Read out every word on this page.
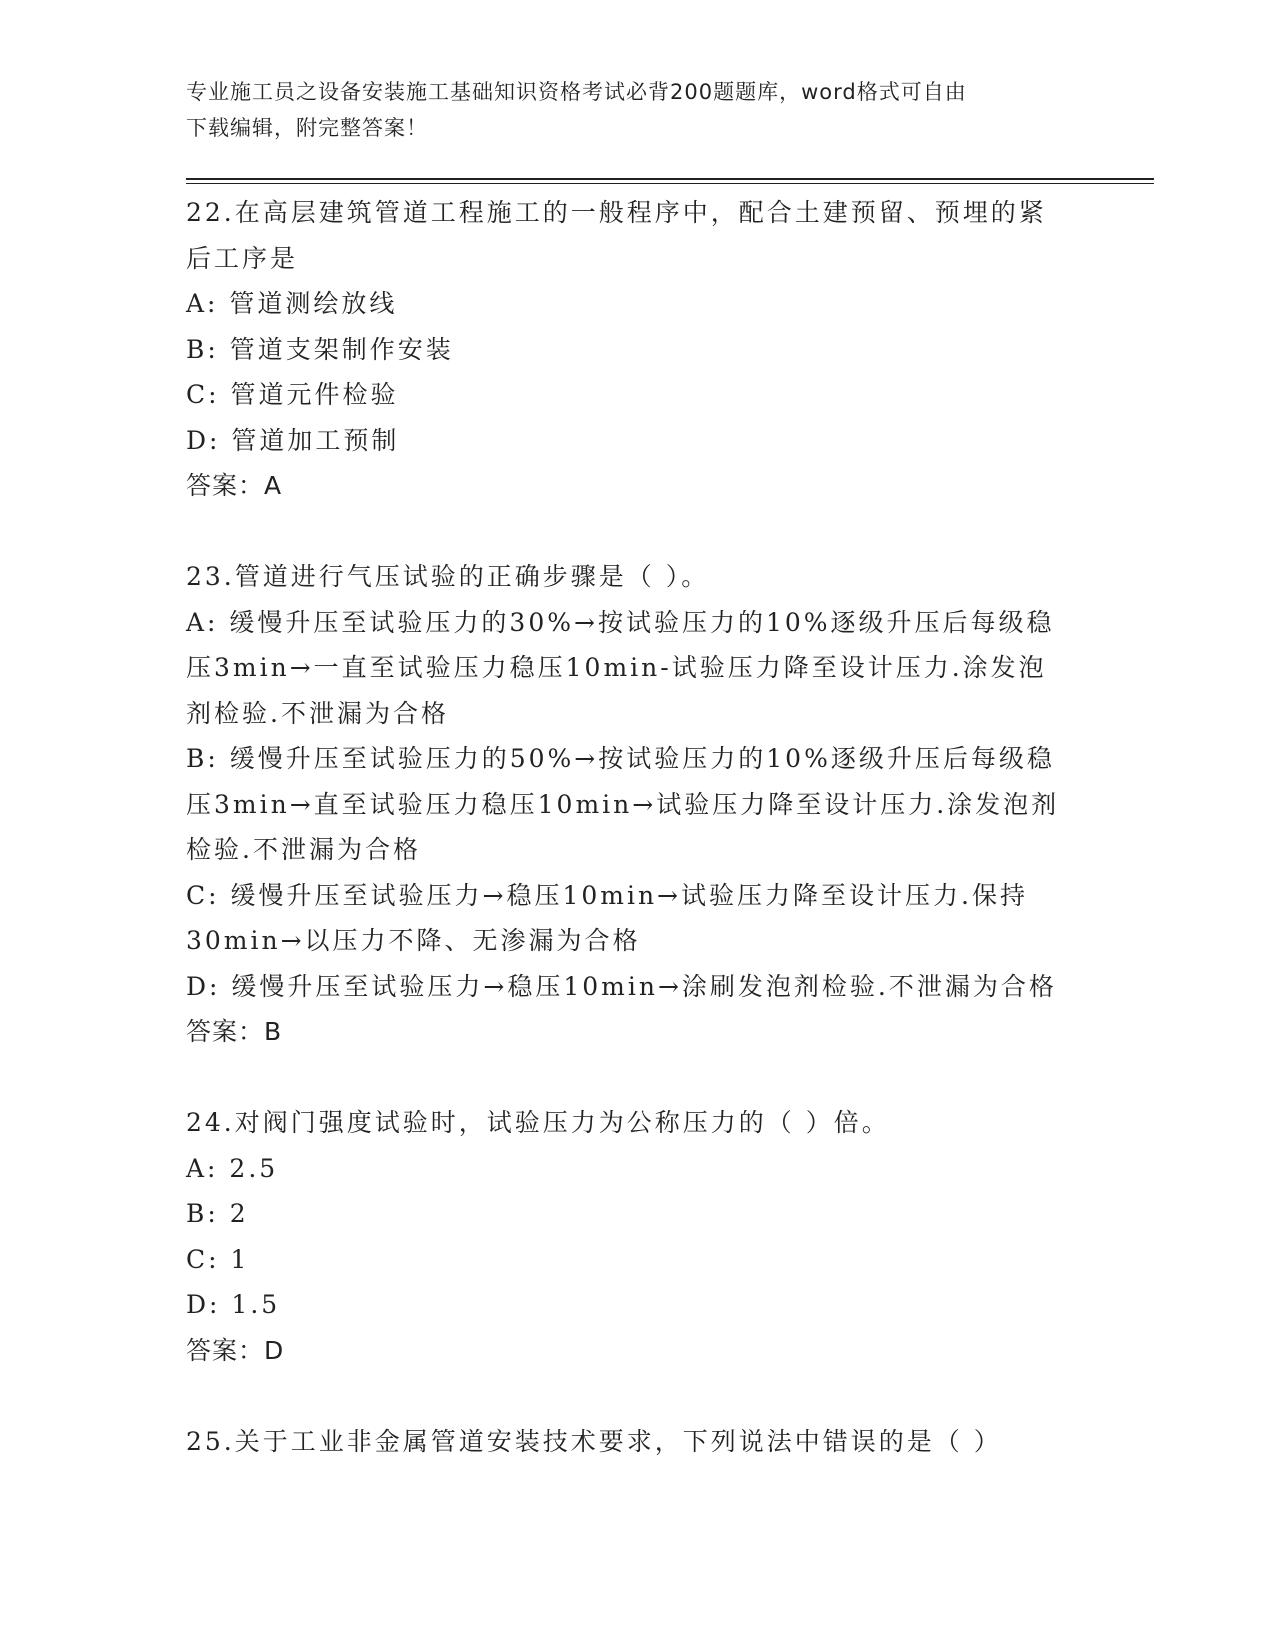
专业施工员之设备安装施工基础知识资格考试必背200题题库，word格式可自由
下载编辑，附完整答案！
22.在高层建筑管道工程施工的一般程序中，配合土建预留、预埋的紧
后工序是
A: 管道测绘放线
B: 管道支架制作安装
C: 管道元件检验
D: 管道加工预制
答案：A
23.管道进行气压试验的正确步骤是（ ）。
A: 缓慢升压至试验压力的30%→按试验压力的10%逐级升压后每级稳
压3min→一直至试验压力稳压10min-试验压力降至设计压力.涂发泡
剂检验.不泄漏为合格
B: 缓慢升压至试验压力的50%→按试验压力的10%逐级升压后每级稳
压3min→直至试验压力稳压10min→试验压力降至设计压力.涂发泡剂
检验.不泄漏为合格
C: 缓慢升压至试验压力→稳压10min→试验压力降至设计压力.保持
30min→以压力不降、无渗漏为合格
D: 缓慢升压至试验压力→稳压10min→涂刷发泡剂检验.不泄漏为合格
答案：B
24.对阀门强度试验时，试验压力为公称压力的（ ）倍。
A: 2.5
B: 2
C: 1
D: 1.5
答案：D
25.关于工业非金属管道安装技术要求，下列说法中错误的是（ ）
